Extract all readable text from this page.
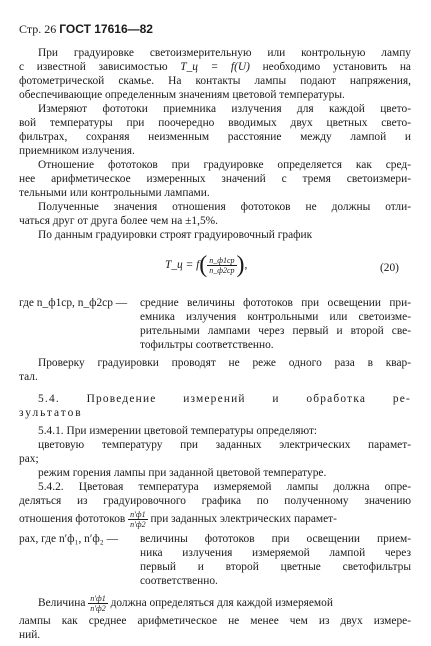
Стр. 26 ГОСТ 17616—82
При градуировке светоизмерительную или контрольную лампу
с известной зависимостью T_ц = f(U) необходимо установить на
фотометрической скамье. На контакты лампы подают напряжения,
обеспечивающие определенным значениям цветовой температуры.
Измеряют фототоки приемника излучения для каждой цвето-
вой температуры при поочередно вводимых двух цветных свето-
фильтрах, сохраняя неизменным расстояние между лампой и
приемником излучения.
Отношение фототоков при градуировке определяется как сред-
нее арифметическое измеренных значений с тремя светоизмери-
тельными или контрольными лампами.
Полученные значения отношения фототоков не должны отли-
чаться друг от друга более чем на ±1,5%.
По данным градуировки строят градуировочный график
T_ц = $f( \frac{n\_ф1ср}{n\_ф2ср}$ ),	(20)
где n_ф1ср, n_ф2ср —	средние величины фототоков при освещении при-
емника излучения контрольными или светоизме-
рительными лампами через первый и второй све-
тофильтры соответственно.
Проверку градуировки проводят не реже одного раза в квар-
тал.
5.4. Проведение измерений и обработка ре-
зультатов
5.4.1. При измерении цветовой температуры определяют:
цветовую температуру при заданных электрических парамет-
рах;
режим горения лампы при заданной цветовой температуре.
5.4.2. Цветовая температура измеряемой лампы должна опре-
деляться из градуировочного графика по полученному значению
отношения фототоков $\frac{n'ф1}{n'ф2}$ при заданных электрических парамет-
рах, где n′ф₁, n′ф₂ —	величины фототоков при освещении прием-
ника излучения измеряемой лампой через
первый и второй цветные светофильтры
соответственно.
Величина $\frac{n'ф1}{n'ф2}$ должна определяться для каждой измеряемой
лампы как среднее арифметическое не менее чем из двух измере-
ний.
